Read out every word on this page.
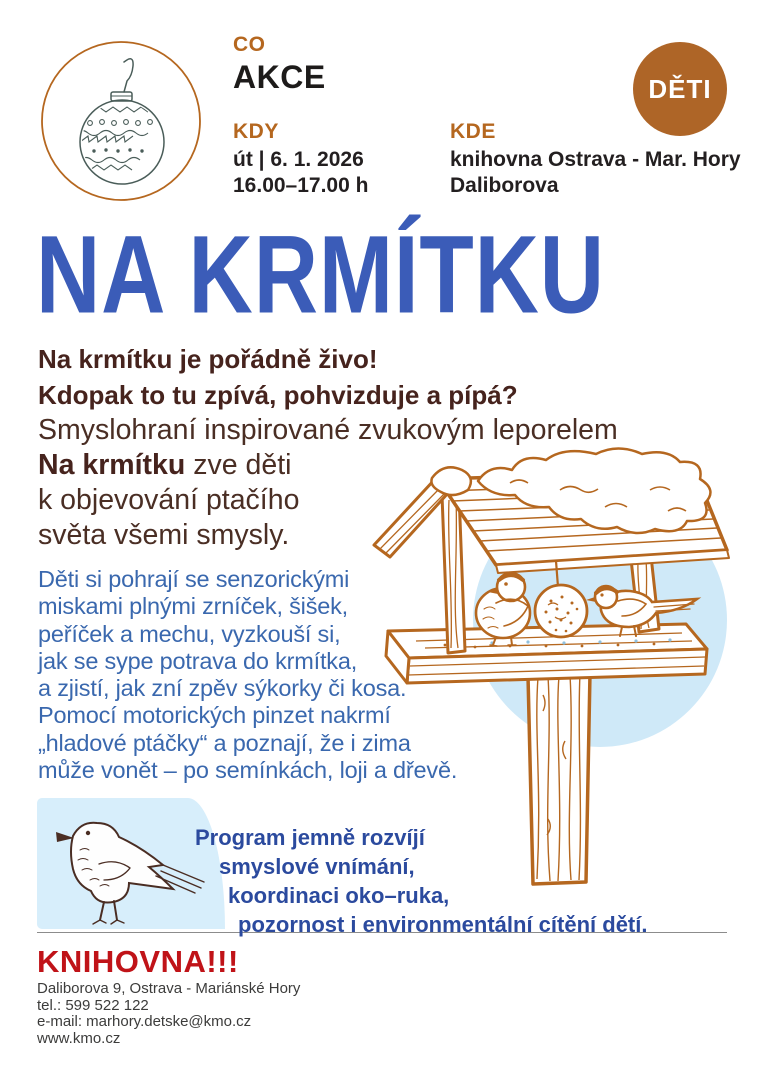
CO
AKCE
KDY
út | 6. 1. 2026
16.00–17.00 h
KDE
knihovna Ostrava - Mar. Hory
Daliborova
DĚTI
NA KRMÍTKU
Na krmítku je pořádně živo!
Kdopak to tu zpívá, pohvizduje a pípá?
Smyslohraní inspirované zvukovým leporelem
Na krmítku zve děti
k objevování ptačího
světa všemi smysly.
Program jemně rozvíjí
smyslové vnímání,
koordinaci oko–ruka,
pozornost i environmentální cítění dětí.
Děti si pohrají se senzorickými
miskami plnými zrníček, šišek,
peříček a mechu, vyzkouší si,
jak se sype potrava do krmítka,
a zjistí, jak zní zpěv sýkorky či kosa.
Pomocí motorických pinzet nakrmí
„hladové ptáčky“ a poznají, že i zima
může vonět – po semínkách, loji a dřevě.
KNIHOVNA!!!
Daliborova 9, Ostrava - Mariánské Hory
tel.: 599 522 122
e-mail: marhory.detske@kmo.cz
www.kmo.cz
